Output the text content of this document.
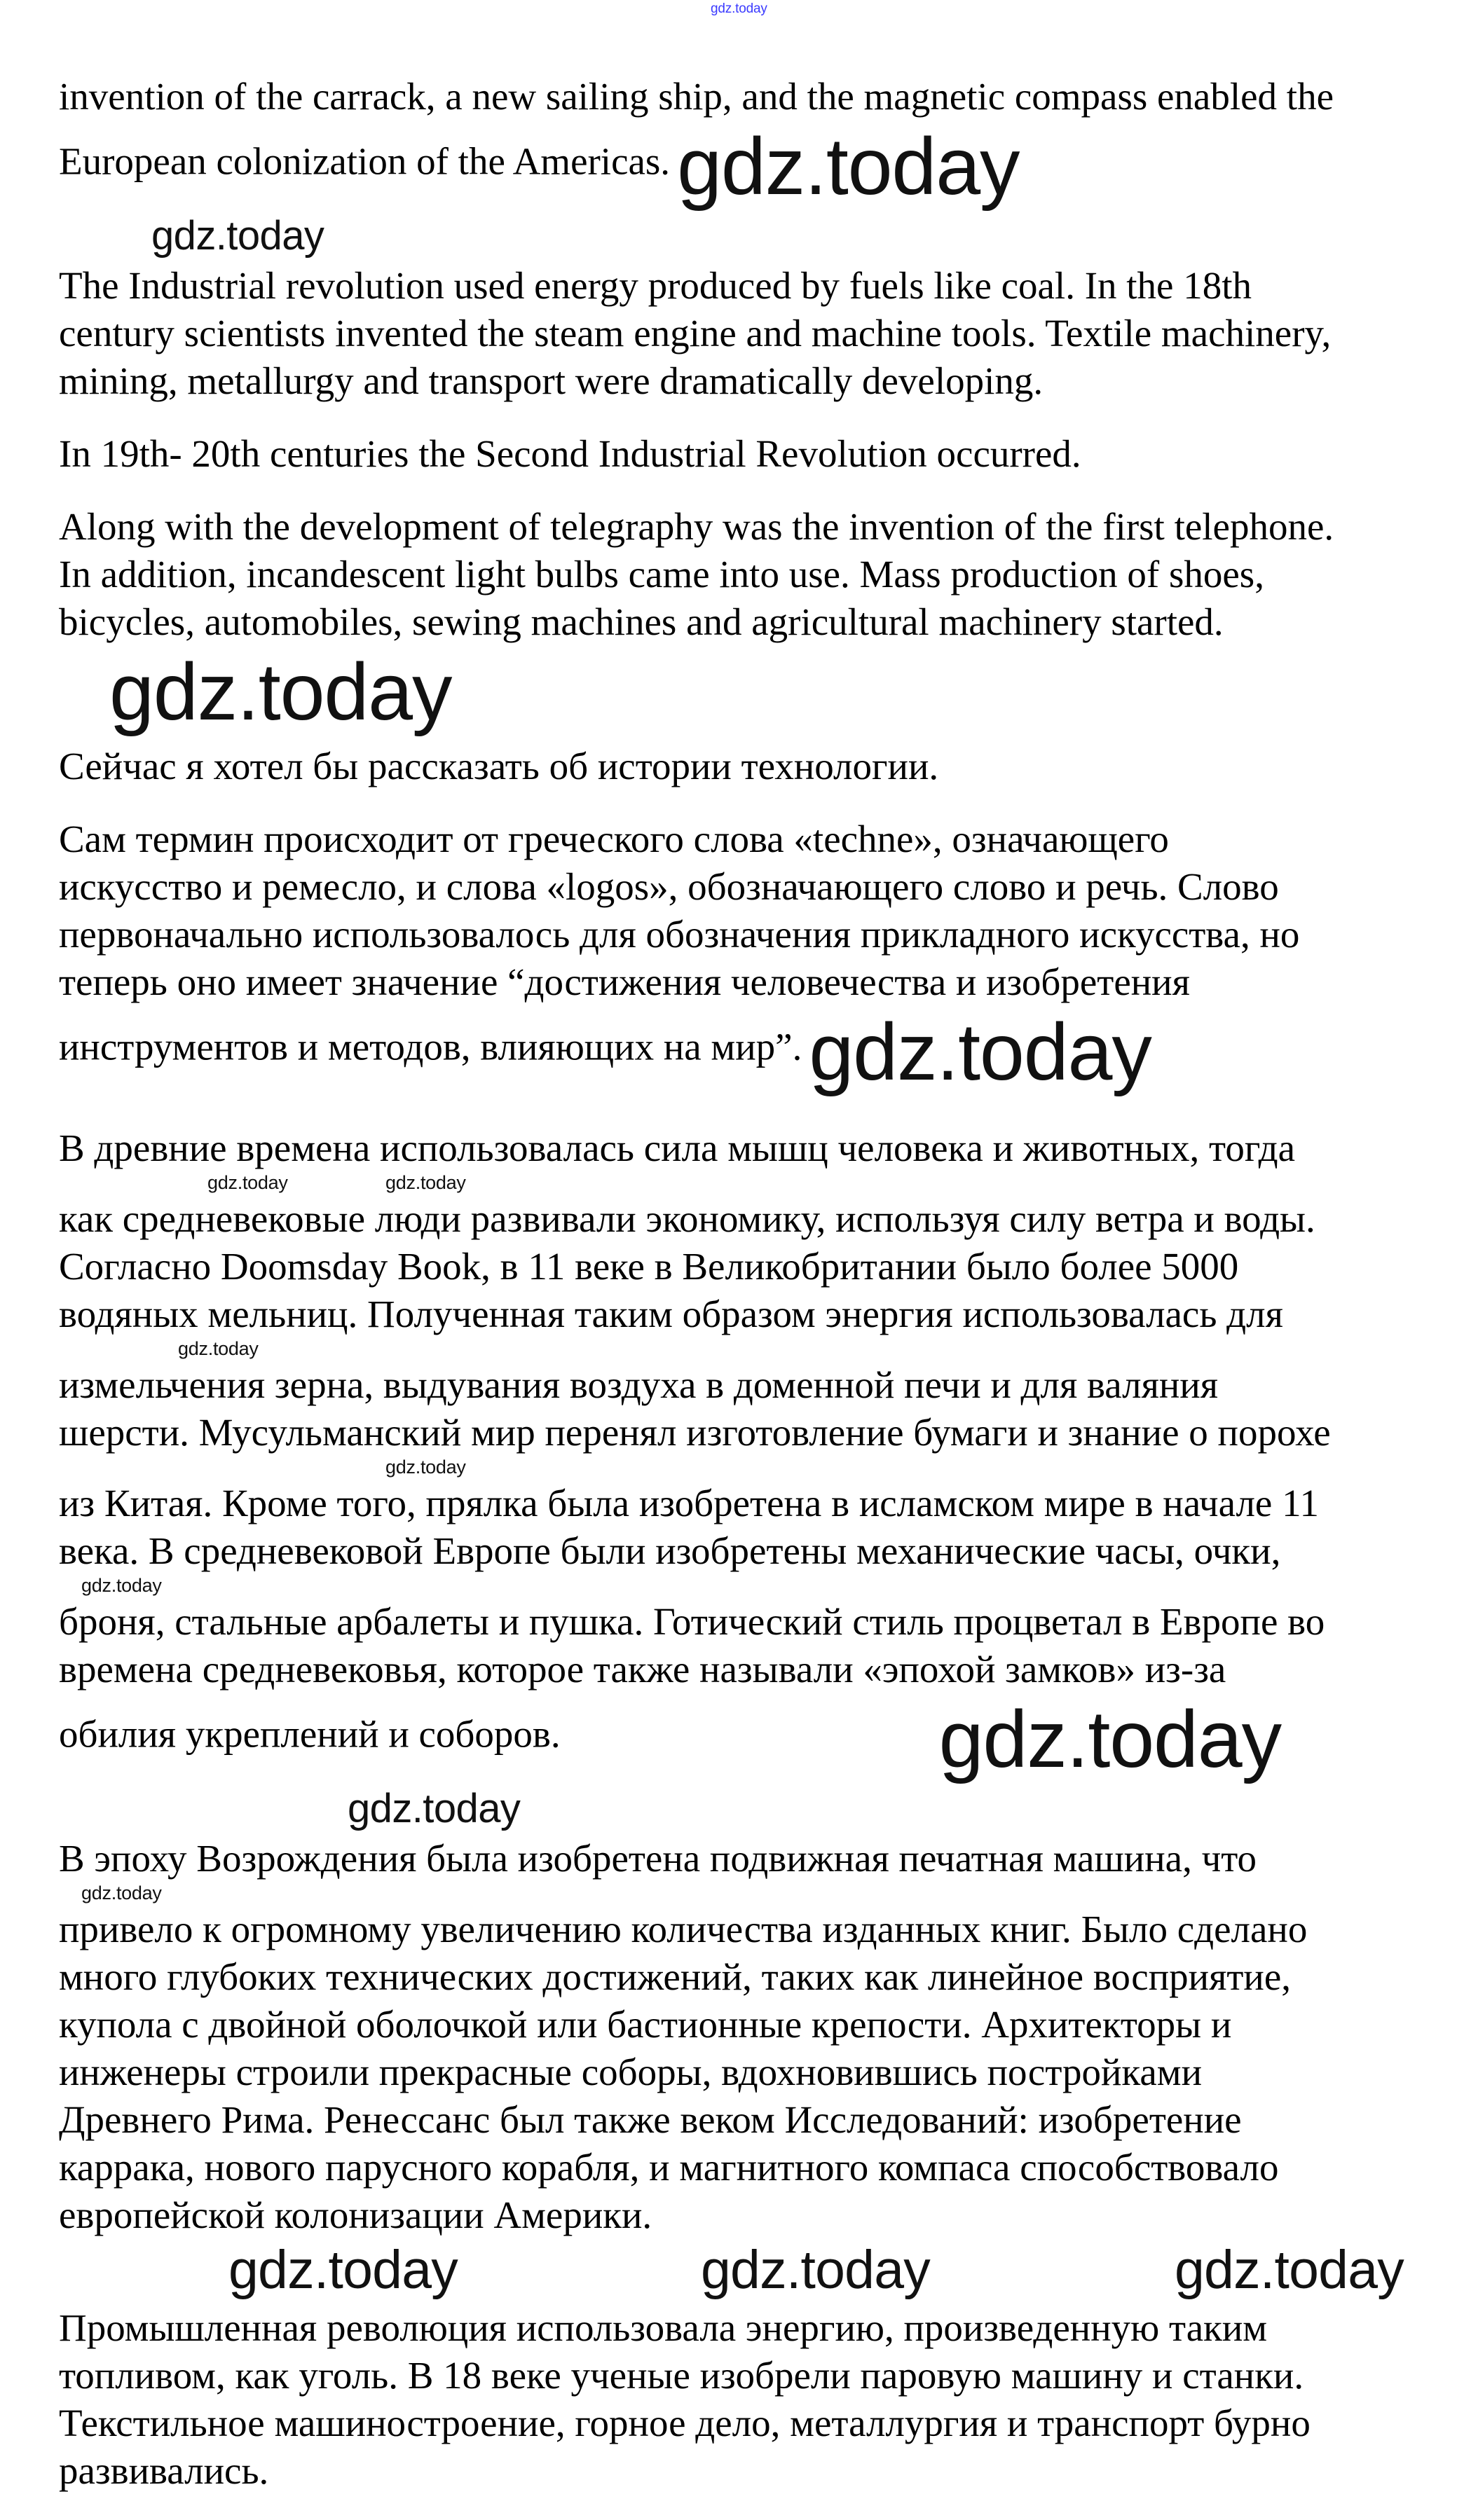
gdz.today
invention of the carrack, a new sailing ship, and the magnetic compass enabled the
European colonization of the Americas.gdz.today
gdz.today
The Industrial revolution used energy produced by fuels like coal. In the 18th
century scientists invented the steam engine and machine tools. Textile machinery,
mining, metallurgy and transport were dramatically developing.
In 19th- 20th centuries the Second Industrial Revolution occurred.
Along with the development of telegraphy was the invention of the first telephone.
In addition, incandescent light bulbs came into use. Mass production of shoes,
bicycles, automobiles, sewing machines and agricultural machinery started.
gdz.today
Сейчас я хотел бы рассказать об истории технологии.
Сам термин происходит от греческого слова «techne», означающего
искусство и ремесло, и слова «logos», обозначающего слово и речь. Слово
первоначально использовалось для обозначения прикладного искусства, но
теперь оно имеет значение “достижения человечества и изобретения
инструментов и методов, влияющих на мир”.gdz.today
В древние времена использовалась сила мышц человека и животных, тогда
gdz.today	gdz.today
как средневековые люди развивали экономику, используя силу ветра и воды.
Согласно Doomsday Book, в 11 веке в Великобритании было более 5000
водяных мельниц. Полученная таким образом энергия использовалась для
gdz.today
измельчения зерна, выдувания воздуха в доменной печи и для валяния
шерсти. Мусульманский мир перенял изготовление бумаги и знание о порохе
gdz.today
из Китая. Кроме того, прялка была изобретена в исламском мире в начале 11
века. В средневековой Европе были изобретены механические часы, очки,
gdz.today
броня, стальные арбалеты и пушка. Готический стиль процветал в Европе во
времена средневековья, которое также называли «эпохой замков» из-за
обилия укреплений и соборов.	gdz.today
gdz.today
В эпоху Возрождения была изобретена подвижная печатная машина, что
gdz.today
привело к огромному увеличению количества изданных книг. Было сделано
много глубоких технических достижений, таких как линейное восприятие,
купола с двойной оболочкой или бастионные крепости. Архитекторы и
инженеры строили прекрасные соборы, вдохновившись постройками
Древнего Рима. Ренессанс был также веком Исследований: изобретение
каррака, нового парусного корабля, и магнитного компаса способствовало
европейской колонизации Америки.
gdz.today	gdz.today	gdz.today
Промышленная революция использовала энергию, произведенную таким
топливом, как уголь. В 18 веке ученые изобрели паровую машину и станки.
Текстильное машиностроение, горное дело, металлургия и транспорт бурно
развивались.
